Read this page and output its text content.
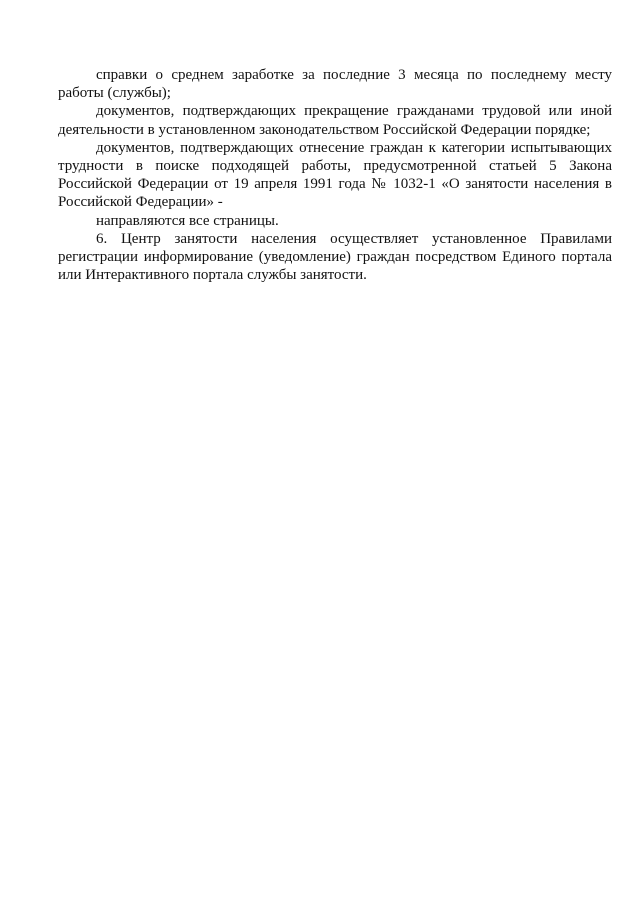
справки о среднем заработке за последние 3 месяца по последнему месту работы (службы);

документов, подтверждающих прекращение гражданами трудовой или иной деятельности в установленном законодательством Российской Федерации порядке;

документов, подтверждающих отнесение граждан к категории испытывающих трудности в поиске подходящей работы, предусмотренной статьей 5 Закона Российской Федерации от 19 апреля 1991 года № 1032-1 «О занятости населения в Российской Федерации» -

направляются все страницы.

6. Центр занятости населения осуществляет установленное Правилами регистрации информирование (уведомление) граждан посредством Единого портала или Интерактивного портала службы занятости.
